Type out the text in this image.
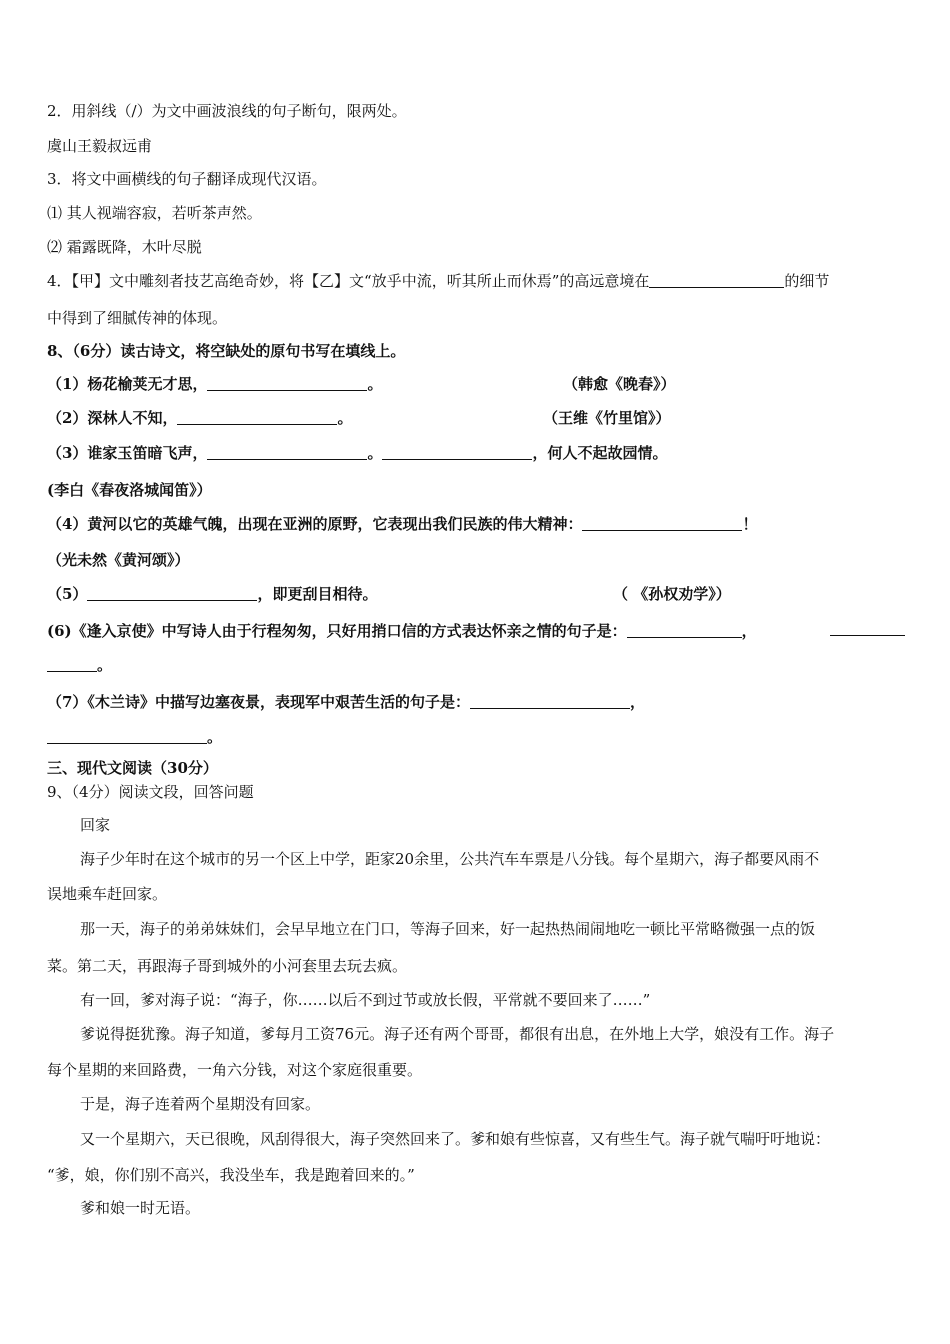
2．用斜线（/）为文中画波浪线的句子断句，限两处。
虞山王毅叔远甫
3．将文中画横线的句子翻译成现代汉语。
⑴ 其人视端容寂，若听茶声然。
⑵ 霜露既降，木叶尽脱
4．【甲】文中雕刻者技艺高绝奇妙，将【乙】文“放乎中流，听其所止而休焉”的高远意境在	的细节
中得到了细腻传神的体现。
8、（6分）读古诗文，将空缺处的原句书写在填线上。
（1）杨花榆荚无才思，	。	（韩愈《晚春》）
（2）深林人不知，	。	（王维《竹里馆》）
（3）谁家玉笛暗飞声，	。	，何人不起故园情。
(李白《春夜洛城闻笛》）
（4）黄河以它的英雄气魄，出现在亚洲的原野，它表现出我们民族的伟大精神：	！
（光未然《黄河颂》）
（5）	，即更刮目相待。	（ 《孙权劝学》）
(6)《逢入京使》中写诗人由于行程匆匆，只好用捎口信的方式表达怀亲之情的句子是：	，
。
（7）《木兰诗》中描写边塞夜景，表现军中艰苦生活的句子是：	，
。
三、现代文阅读（30分）
9、（4分）阅读文段，回答问题
回家
海子少年时在这个城市的另一个区上中学，距家20余里，公共汽车车票是八分钱。每个星期六，海子都要风雨不
误地乘车赶回家。
那一天，海子的弟弟妹妹们，会早早地立在门口，等海子回来，好一起热热闹闹地吃一顿比平常略微强一点的饭
菜。第二天，再跟海子哥到城外的小河套里去玩去疯。
有一回，爹对海子说：“海子，你……以后不到过节或放长假，平常就不要回来了……”
爹说得挺犹豫。海子知道，爹每月工资76元。海子还有两个哥哥，都很有出息，在外地上大学，娘没有工作。海子
每个星期的来回路费，一角六分钱，对这个家庭很重要。
于是，海子连着两个星期没有回家。
又一个星期六，天已很晚，风刮得很大，海子突然回来了。爹和娘有些惊喜，又有些生气。海子就气喘吁吁地说：
“爹，娘，你们别不高兴，我没坐车，我是跑着回来的。”
爹和娘一时无语。
